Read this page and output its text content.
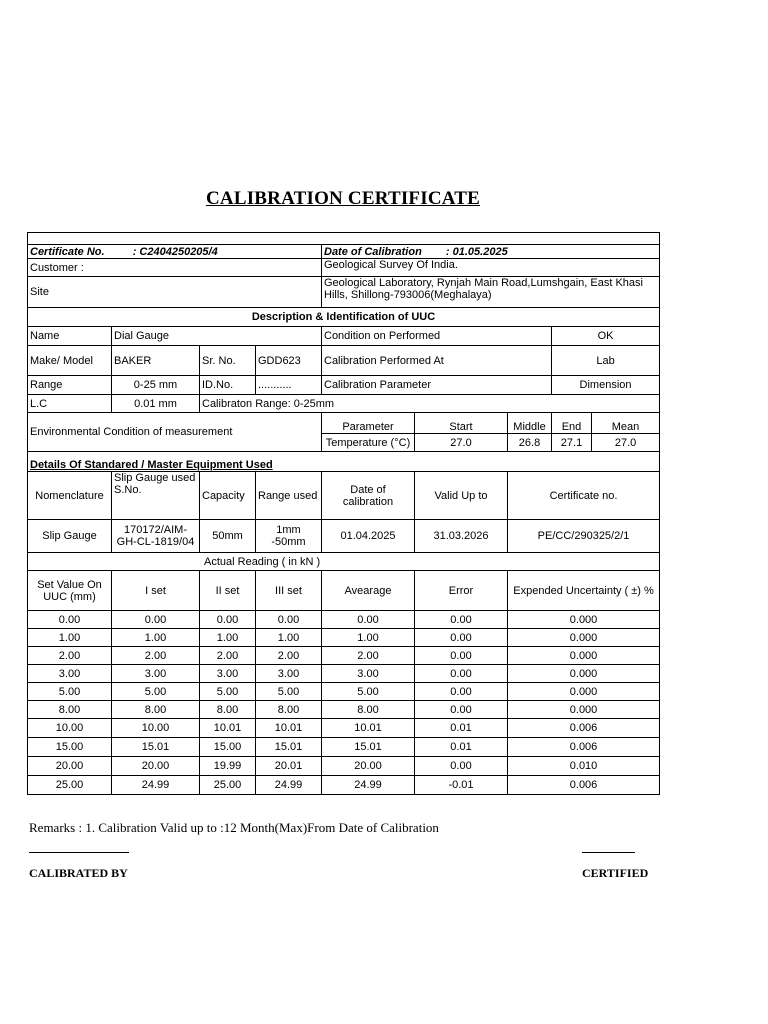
CALIBRATION CERTIFICATE

Certificate No. : C2404250205/4				Date of Calibration : 01.05.2025				
Customer :				Geological Survey Of India.				
Site				Geological Laboratory, Rynjah Main Road,Lumshgain, East Khasi Hills, Shillong-793006(Meghalaya)				
Description & Identification of UUC								
Name	Dial Gauge			Condition on Performed			OK	
Make/ Model	BAKER	Sr. No.	GDD623	Calibration Performed At			Lab	
Range	0-25 mm	ID.No.	...........	Calibration Parameter			Dimension	
L.C	0.01 mm	Calibraton Range: 0-25mm						
Environmental Condition of measurement				Parameter	Start	Middle	End	Mean
				Temperature (°C)	27.0	26.8	27.1	27.0
Details Of Standared / Master Equipment Used								
Nomenclature	Slip Gauge used S.No.	Capacity	Range used	Date of calibration	Valid Up to	Certificate no.		
Slip Gauge	170172/AIM-GH-CL-1819/04	50mm	1mm -50mm	01.04.2025	31.03.2026	PE/CC/290325/2/1		
Actual Reading ( in kN )								
Set Value On UUC (mm)	I set	II set	III set	Avearage	Error	Expended Uncertainty ( ±) %		
0.00	0.00	0.00	0.00	0.00	0.00	0.000		
1.00	1.00	1.00	1.00	1.00	0.00	0.000		
2.00	2.00	2.00	2.00	2.00	0.00	0.000		
3.00	3.00	3.00	3.00	3.00	0.00	0.000		
5.00	5.00	5.00	5.00	5.00	0.00	0.000		
8.00	8.00	8.00	8.00	8.00	0.00	0.000		
10.00	10.00	10.01	10.01	10.01	0.01	0.006		
15.00	15.01	15.00	15.01	15.01	0.01	0.006		
20.00	20.00	19.99	20.01	20.00	0.00	0.010		
25.00	24.99	25.00	24.99	24.99	-0.01	0.006		
Remarks : 1. Calibration Valid up to :12 Month(Max)From Date of Calibration
CALIBRATED BY	CERTIFIED
